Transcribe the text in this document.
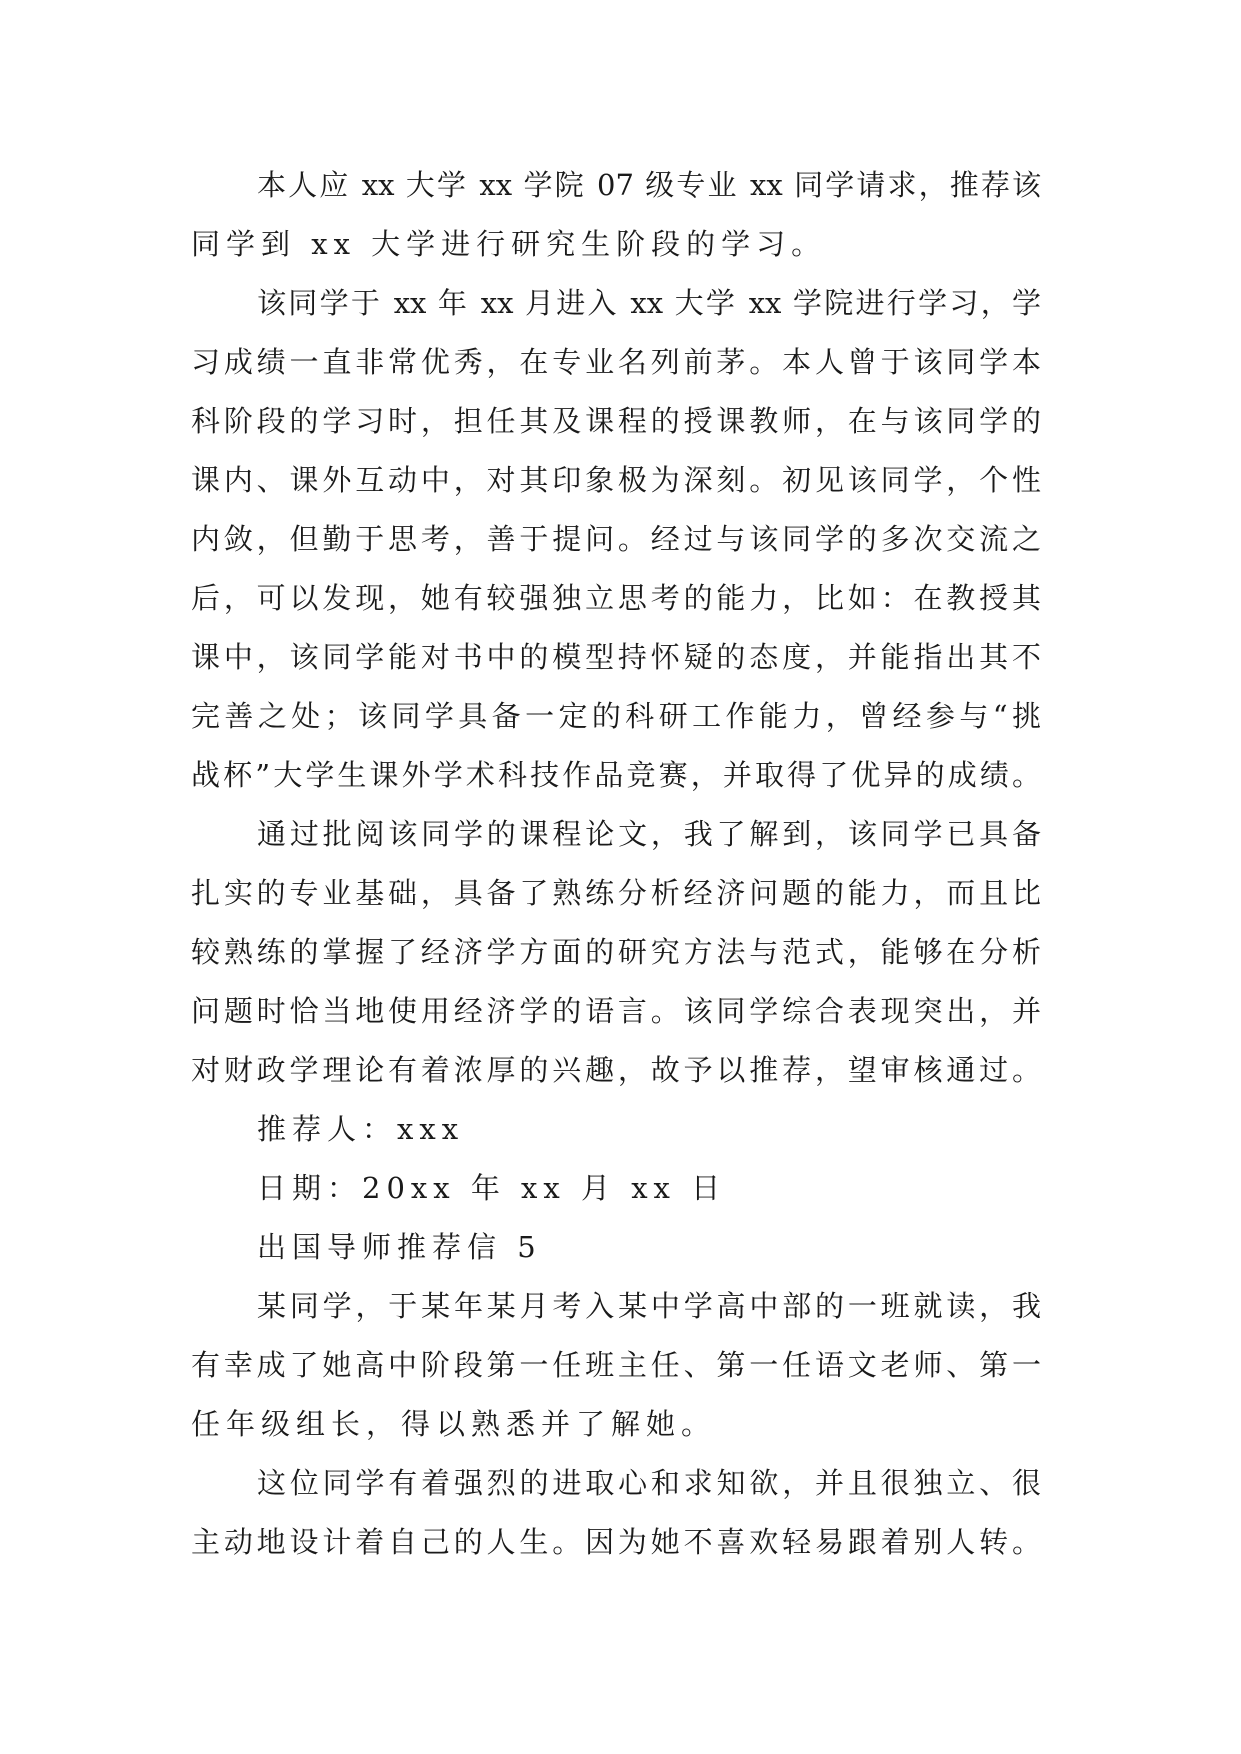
本人应 xx 大学 xx 学院 07 级专业 xx 同学请求，推荐该

同学到 xx 大学进行研究生阶段的学习。

该同学于 xx 年 xx 月进入 xx 大学 xx 学院进行学习，学

习成绩一直非常优秀，在专业名列前茅。本人曾于该同学本

科阶段的学习时，担任其及课程的授课教师，在与该同学的

课内、课外互动中，对其印象极为深刻。初见该同学，个性

内敛，但勤于思考，善于提问。经过与该同学的多次交流之

后，可以发现，她有较强独立思考的能力，比如：在教授其

课中，该同学能对书中的模型持怀疑的态度，并能指出其不

完善之处；该同学具备一定的科研工作能力，曾经参与“挑

战杯”大学生课外学术科技作品竞赛，并取得了优异的成绩。

通过批阅该同学的课程论文，我了解到，该同学已具备

扎实的专业基础，具备了熟练分析经济问题的能力，而且比

较熟练的掌握了经济学方面的研究方法与范式，能够在分析

问题时恰当地使用经济学的语言。该同学综合表现突出，并

对财政学理论有着浓厚的兴趣，故予以推荐，望审核通过。

推荐人：xxx

日期：20xx 年 xx 月 xx 日

出国导师推荐信 5

某同学，于某年某月考入某中学高中部的一班就读，我

有幸成了她高中阶段第一任班主任、第一任语文老师、第一

任年级组长，得以熟悉并了解她。

这位同学有着强烈的进取心和求知欲，并且很独立、很

主动地设计着自己的人生。因为她不喜欢轻易跟着别人转。
